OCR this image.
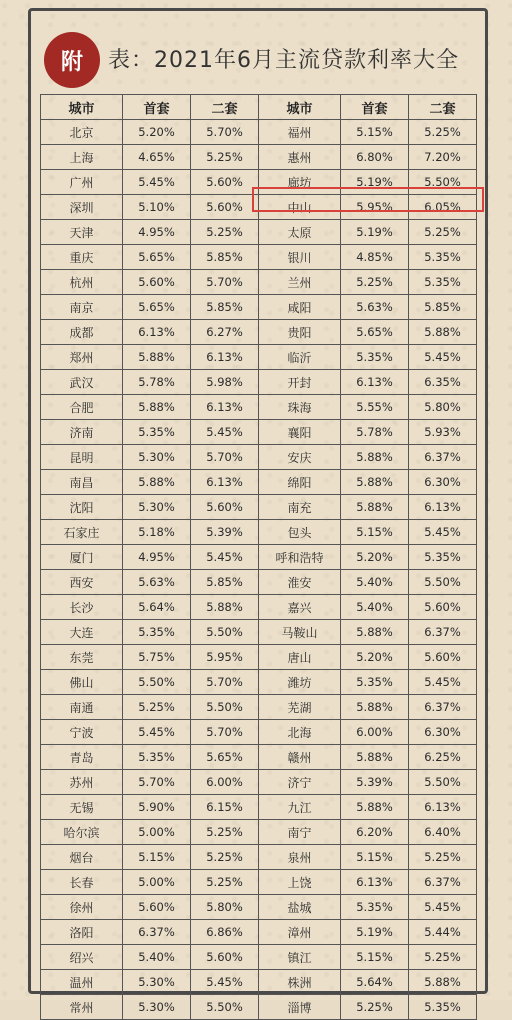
附	表：2021年6月主流贷款利率大全
城市	首套	二套	城市	首套	二套
北京	5.20%	5.70%	福州	5.15%	5.25%
上海	4.65%	5.25%	惠州	6.80%	7.20%
广州	5.45%	5.60%	廊坊	5.19%	5.50%
深圳	5.10%	5.60%	中山	5.95%	6.05%
天津	4.95%	5.25%	太原	5.19%	5.25%
重庆	5.65%	5.85%	银川	4.85%	5.35%
杭州	5.60%	5.70%	兰州	5.25%	5.35%
南京	5.65%	5.85%	咸阳	5.63%	5.85%
成都	6.13%	6.27%	贵阳	5.65%	5.88%
郑州	5.88%	6.13%	临沂	5.35%	5.45%
武汉	5.78%	5.98%	开封	6.13%	6.35%
合肥	5.88%	6.13%	珠海	5.55%	5.80%
济南	5.35%	5.45%	襄阳	5.78%	5.93%
昆明	5.30%	5.70%	安庆	5.88%	6.37%
南昌	5.88%	6.13%	绵阳	5.88%	6.30%
沈阳	5.30%	5.60%	南充	5.88%	6.13%
石家庄	5.18%	5.39%	包头	5.15%	5.45%
厦门	4.95%	5.45%	呼和浩特	5.20%	5.35%
西安	5.63%	5.85%	淮安	5.40%	5.50%
长沙	5.64%	5.88%	嘉兴	5.40%	5.60%
大连	5.35%	5.50%	马鞍山	5.88%	6.37%
东莞	5.75%	5.95%	唐山	5.20%	5.60%
佛山	5.50%	5.70%	潍坊	5.35%	5.45%
南通	5.25%	5.50%	芜湖	5.88%	6.37%
宁波	5.45%	5.70%	北海	6.00%	6.30%
青岛	5.35%	5.65%	赣州	5.88%	6.25%
苏州	5.70%	6.00%	济宁	5.39%	5.50%
无锡	5.90%	6.15%	九江	5.88%	6.13%
哈尔滨	5.00%	5.25%	南宁	6.20%	6.40%
烟台	5.15%	5.25%	泉州	5.15%	5.25%
长春	5.00%	5.25%	上饶	6.13%	6.37%
徐州	5.60%	5.80%	盐城	5.35%	5.45%
洛阳	6.37%	6.86%	漳州	5.19%	5.44%
绍兴	5.40%	5.60%	镇江	5.15%	5.25%
温州	5.30%	5.45%	株洲	5.64%	5.88%
常州	5.30%	5.50%	淄博	5.25%	5.35%
